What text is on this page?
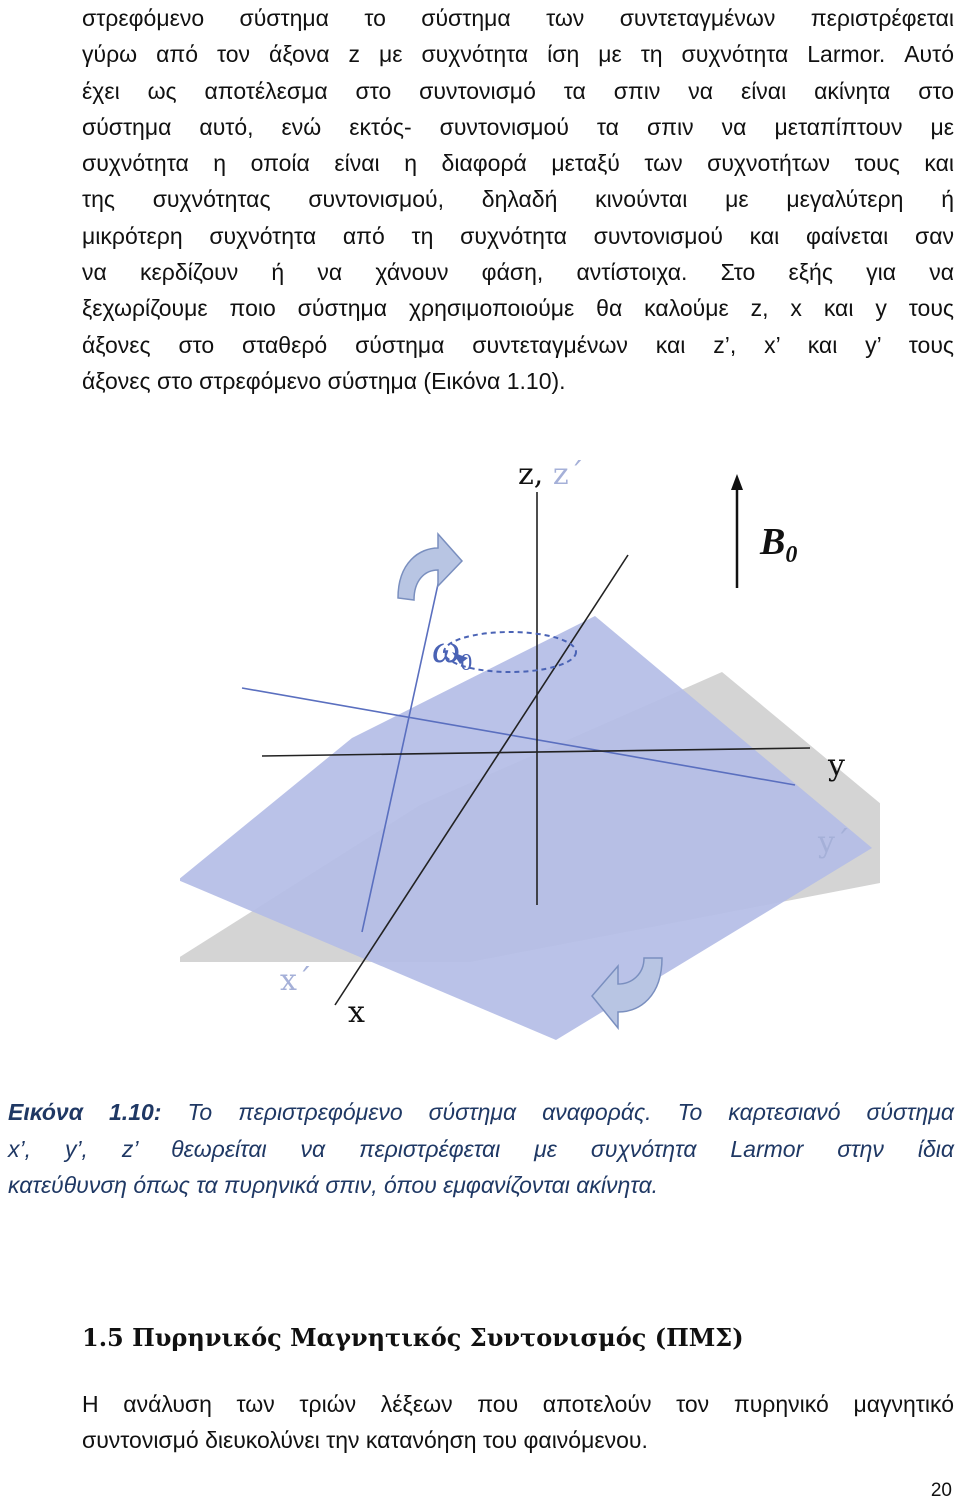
στρεφόμενο σύστημα το σύστημα των συντεταγμένων περιστρέφεται
γύρω από τον άξονα z με συχνότητα ίση με τη συχνότητα Larmor. Αυτό
έχει ως αποτέλεσμα στο συντονισμό τα σπιν να είναι ακίνητα στο
σύστημα αυτό, ενώ εκτός- συντονισμού τα σπιν να μεταπίπτουν με
συχνότητα η οποία είναι η διαφορά μεταξύ των συχνοτήτων τους και
της συχνότητας συντονισμού, δηλαδή κινούνται με μεγαλύτερη ή
μικρότερη συχνότητα από τη συχνότητα συντονισμού και φαίνεται σαν
να κερδίζουν ή να χάνουν φάση, αντίστοιχα. Στο εξής για να
ξεχωρίζουμε ποιο σύστημα χρησιμοποιούμε θα καλούμε z, x και y τους
άξονες στο σταθερό σύστημα συντεταγμένων και z’, x’ και y’ τους
άξονες στο στρεφόμενο σύστημα (Εικόνα 1.10).

z, z´
$B_0$
$\omega_0$
y
y´
x´
x

Εικόνα 1.10: Το περιστρεφόμενο σύστημα αναφοράς. Το καρτεσιανό σύστημα
x’, y’, z’ θεωρείται να περιστρέφεται με συχνότητα Larmor στην ίδια
κατεύθυνση όπως τα πυρηνικά σπιν, όπου εμφανίζονται ακίνητα.

1.5 Πυρηνικός Μαγνητικός Συντονισμός (ΠΜΣ)

Η ανάλυση των τριών λέξεων που αποτελούν τον πυρηνικό μαγνητικό
συντονισμό διευκολύνει την κατανόηση του φαινόμενου.

20
